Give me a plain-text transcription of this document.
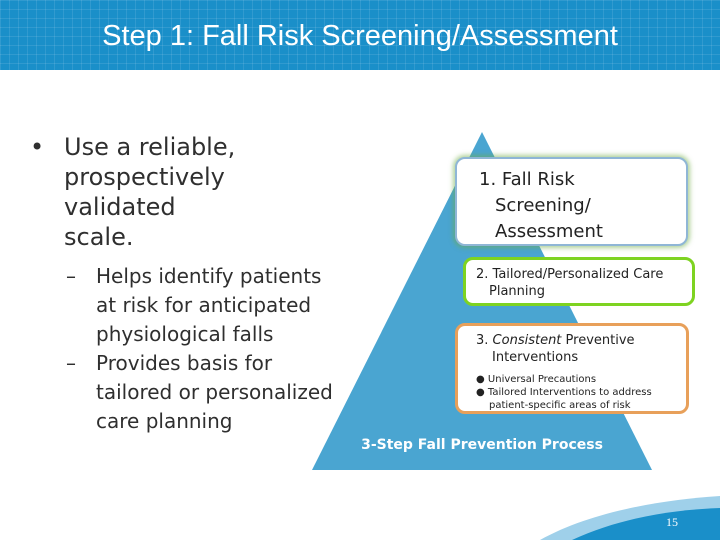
Step 1: Fall Risk Screening/Assessment
• Use a reliable,
prospectively validated
scale.
– Helps identify patients
at risk for anticipated
physiological falls
– Provides basis for
tailored or personalized
care planning
1. Fall Risk

Screening/
Assessment
2. Tailored/Personalized Care

Planning
3. Consistent Preventive

Interventions
● Universal Precautions
● Tailored Interventions to address
patient-specific areas of risk
3-Step Fall Prevention Process
15
